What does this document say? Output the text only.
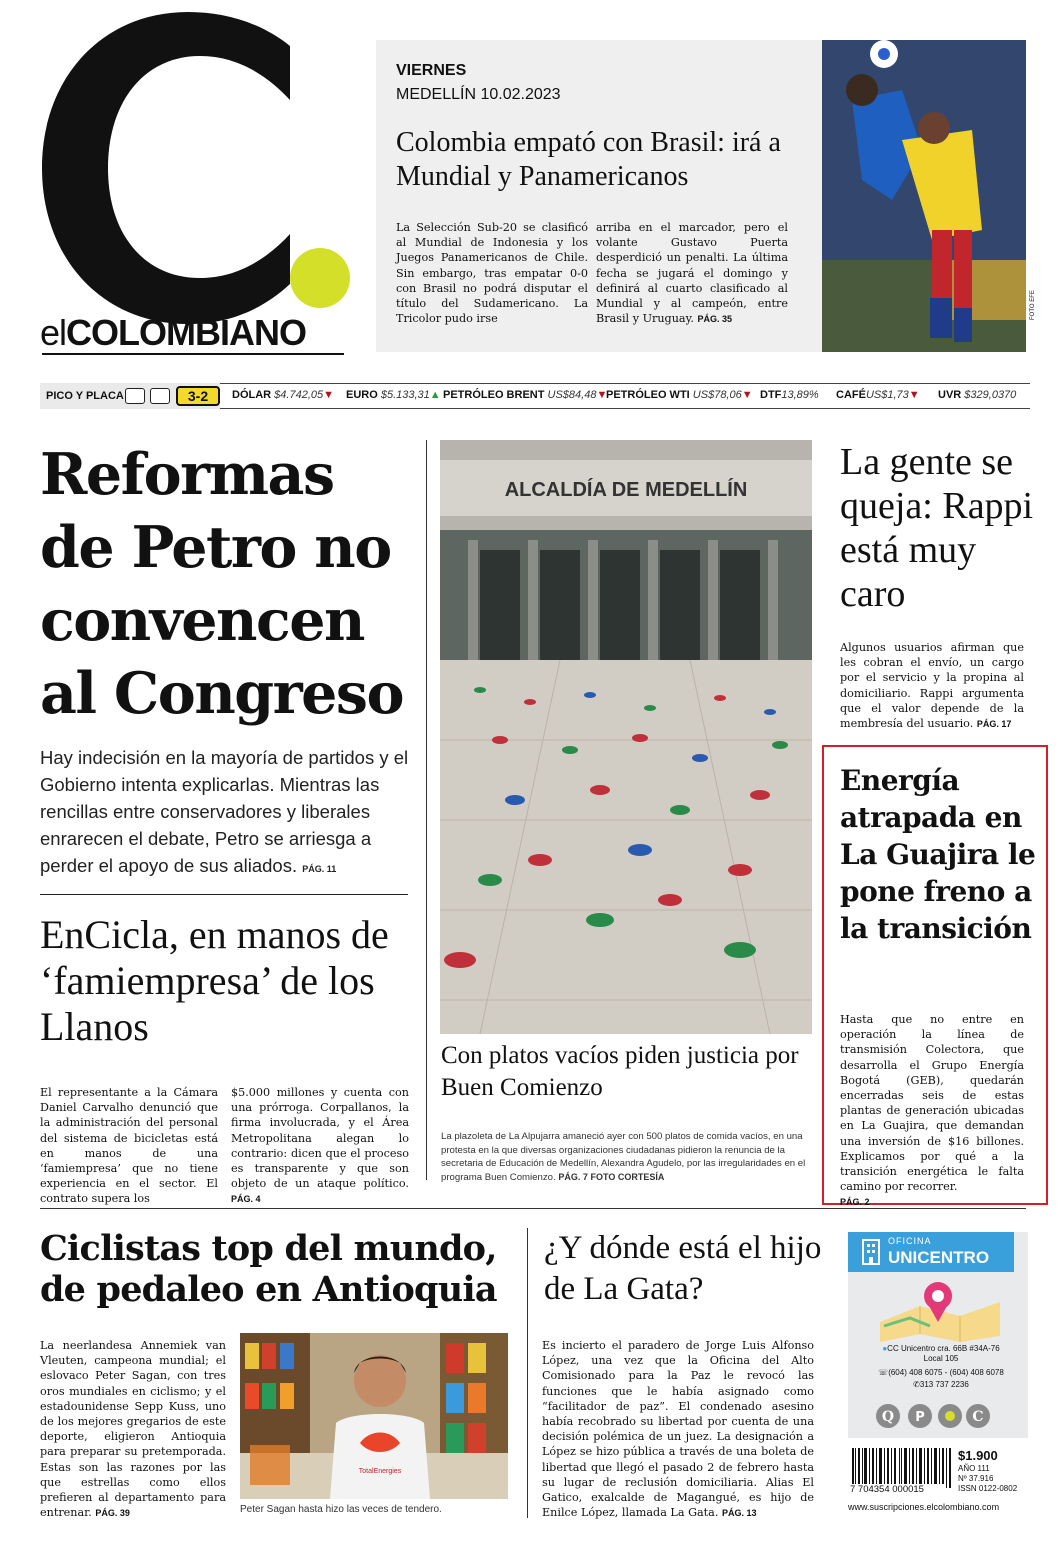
elCOLOMBIANO
VIERNES
MEDELLÍN 10.02.2023
Colombia empató con Brasil: irá a Mundial y Panamericanos
La Selección Sub-20 se clasificó al Mundial de Indonesia y los Juegos Panamericanos de Chile. Sin embargo, tras empatar 0-0 con Brasil no podrá disputar el título del Sudamericano. La Tricolor pudo irse
arriba en el marcador, pero el volante Gustavo Puerta desperdició un penalti. La última fecha se jugará el domingo y definirá al cuarto clasificado al Mundial y al campeón, entre Brasil y Uruguay. PÁG. 35	FOTO EFE
PICO Y PLACA	3-2	DÓLAR $4.742,05▼ EURO $5.133,31▲ PETRÓLEO BRENT US$84,48▼
PETRÓLEO WTI US$78,06▼ DTF13,89% CAFÉUS$1,73▼ UVR $329,0370
Reformas de Petro no convencen al Congreso
Hay indecisión en la mayoría de partidos y el Gobierno intenta explicarlas. Mientras las rencillas entre conservadores y liberales enrarecen el debate, Petro se arriesga a perder el apoyo de sus aliados. PÁG. 11
EnCicla, en manos de ‘famiempresa’ de los Llanos
El representante a la Cámara Daniel Carvalho denunció que la administración del personal del sistema de bicicletas está en manos de una ‘famiempresa’ que no tiene experiencia en el sector. El contrato supera los
$5.000 millones y cuenta con una prórroga. Corpallanos, la firma involucrada, y el Área Metropolitana alegan lo contrario: dicen que el proceso es transparente y que son objeto de un ataque político. PÁG. 4
ALCALDÍA DE MEDELLÍN
Con platos vacíos piden justicia por Buen Comienzo
La plazoleta de La Alpujarra amaneció ayer con 500 platos de comida vacíos, en una protesta en la que diversas organizaciones ciudadanas pidieron la renuncia de la secretaria de Educación de Medellín, Alexandra Agudelo, por las irregularidades en el programa Buen Comienzo. PÁG. 7 FOTO CORTESÍA
La gente se queja: Rappi está muy caro
Algunos usuarios afirman que les cobran el envío, un cargo por el servicio y la propina al domiciliario. Rappi argumenta que el valor depende de la membresía del usuario. PÁG. 17
Energía atrapada en La Guajira le pone freno a la transición
Hasta que no entre en operación la línea de transmisión Colectora, que desarrolla el Grupo Energía Bogotá (GEB), quedarán encerradas seis de estas plantas de generación ubicadas en La Guajira, que demandan una inversión de $16 billones. Explicamos por qué a la transición energética le falta camino por recorrer.
PÁG. 2
Ciclistas top del mundo, de pedaleo en Antioquia
La neerlandesa Annemiek van Vleuten, campeona mundial; el eslovaco Peter Sagan, con tres oros mundiales en ciclismo; y el estadounidense Sepp Kuss, uno de los mejores gregarios de este deporte, eligieron Antioquia para preparar su pretemporada. Estas son las razones por las que estrellas como ellos prefieren al departamento para entrenar. PÁG. 39
TotalEnergies
Peter Sagan hasta hizo las veces de tendero.
¿Y dónde está el hijo de La Gata?
Es incierto el paradero de Jorge Luis Alfonso López, una vez que la Oficina del Alto Comisionado para la Paz le revocó las funciones que le había asignado como “facilitador de paz”. El condenado asesino había recobrado su libertad por cuenta de una decisión polémica de un juez. La designación a López se hizo pública a través de una boleta de libertad que llegó el pasado 2 de febrero hasta su lugar de reclusión domiciliaria. Alias El Gatico, exalcalde de Magangué, es hijo de Enilce López, llamada La Gata. PÁG. 13
OFICINA
UNICENTRO
●CC Unicentro cra. 66B #34A-76
Local 105
☏(604) 408 6075 - (604) 408 6078
✆313 737 2236
Q P	C
7 704354 000015
$1.900
AÑO 111
Nº 37.916
ISSN 0122-0802
www.suscripciones.elcolombiano.com
